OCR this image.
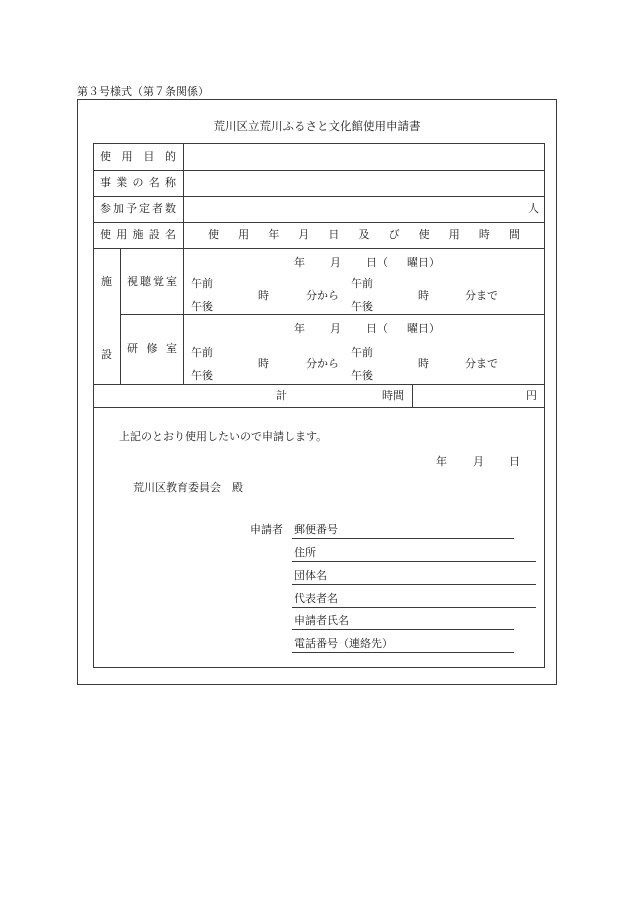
第３号様式（第７条関係）
荒川区立荒川ふるさと文化館使用申請書
使 用 目 的
事 業 の 名 称
参 加 予 定 者 数	人
使 用 施 設 名	使 用 年 月 日 及 び 使 用 時 間
施
設
視 聴 覚 室
年 月 日（ 曜日）
午前
午後
時	分から
午前
午後
時	分まで
研 修 室
年 月 日（ 曜日）
午前
午後
時	分から
午前
午後
時	分まで
計	時間	円
上記のとおり使用したいので申請します。
年 月 日
荒川区教育委員会　殿
申請者 郵便番号
住所
団体名
代表者名
申請者氏名
電話番号（連絡先）
